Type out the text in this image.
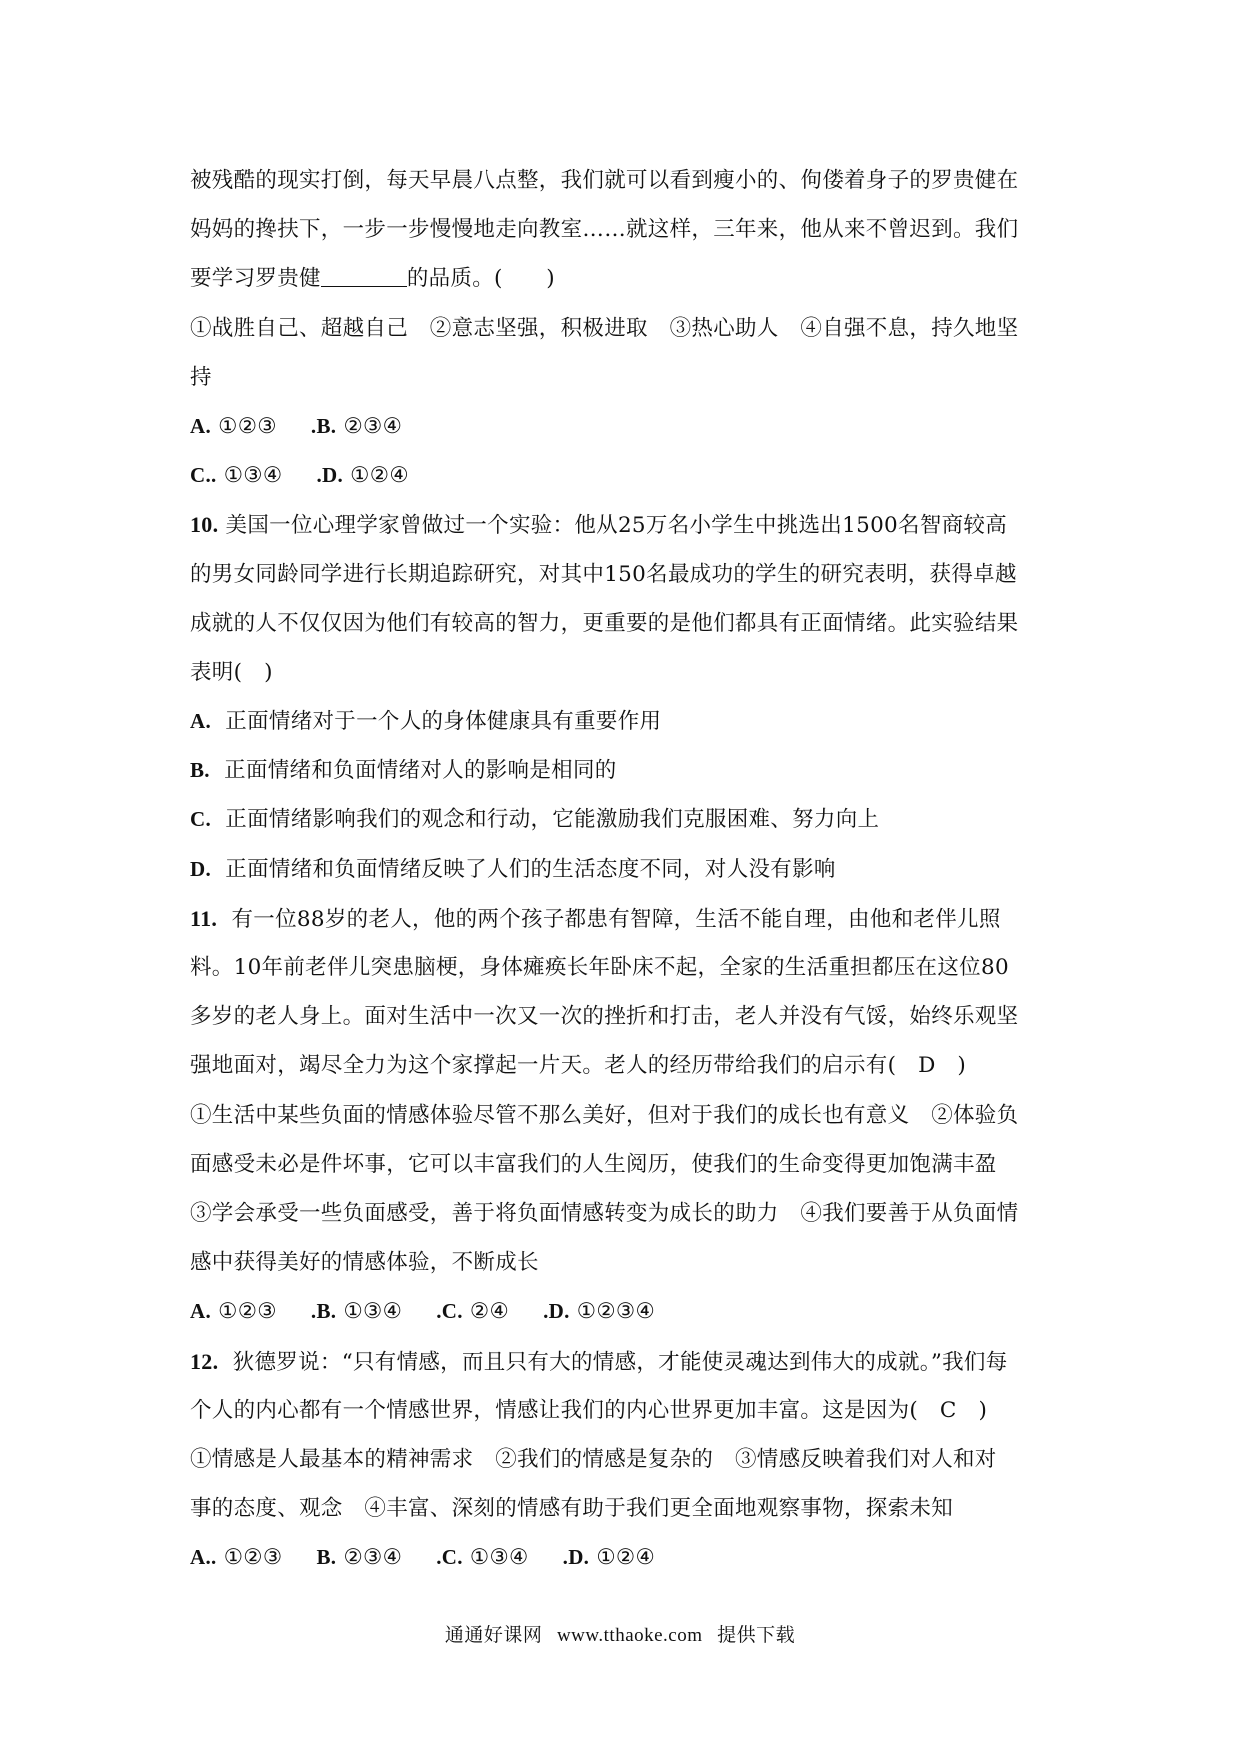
被残酷的现实打倒，每天早晨八点整，我们就可以看到瘦小的、佝偻着身子的罗贵健在
妈妈的搀扶下，一步一步慢慢地走向教室……就这样，三年来，他从来不曾迟到。我们
要学习罗贵健	的品质。(　　)
①战胜自己、超越自己　②意志坚强，积极进取　③热心助人　④自强不息，持久地坚
持
A. ①②③ .B. ②③④
C.. ①③④ .D. ①②④
10. 美国一位心理学家曾做过一个实验：他从25万名小学生中挑选出1500名智商较高
的男女同龄同学进行长期追踪研究，对其中150名最成功的学生的研究表明，获得卓越
成就的人不仅仅因为他们有较高的智力，更重要的是他们都具有正面情绪。此实验结果
表明(　)
A. 正面情绪对于一个人的身体健康具有重要作用
B. 正面情绪和负面情绪对人的影响是相同的
C. 正面情绪影响我们的观念和行动，它能激励我们克服困难、努力向上
D. 正面情绪和负面情绪反映了人们的生活态度不同，对人没有影响
11. 有一位88岁的老人，他的两个孩子都患有智障，生活不能自理，由他和老伴儿照
料。10年前老伴儿突患脑梗，身体瘫痪长年卧床不起，全家的生活重担都压在这位80
多岁的老人身上。面对生活中一次又一次的挫折和打击，老人并没有气馁，始终乐观坚
强地面对，竭尽全力为这个家撑起一片天。老人的经历带给我们的启示有(　D　)
①生活中某些负面的情感体验尽管不那么美好，但对于我们的成长也有意义　②体验负
面感受未必是件坏事，它可以丰富我们的人生阅历，使我们的生命变得更加饱满丰盈
③学会承受一些负面感受，善于将负面情感转变为成长的助力　④我们要善于从负面情
感中获得美好的情感体验，不断成长
A. ①②③ .B. ①③④ .C. ②④ .D. ①②③④
12. 狄德罗说：“只有情感，而且只有大的情感，才能使灵魂达到伟大的成就。”我们每
个人的内心都有一个情感世界，情感让我们的内心世界更加丰富。这是因为(　C　)
①情感是人最基本的精神需求　②我们的情感是复杂的　③情感反映着我们对人和对
事的态度、观念　④丰富、深刻的情感有助于我们更全面地观察事物，探索未知
A.. ①②③ B. ②③④ .C. ①③④ .D. ①②④
通通好课网 www.tthaoke.com 提供下载
